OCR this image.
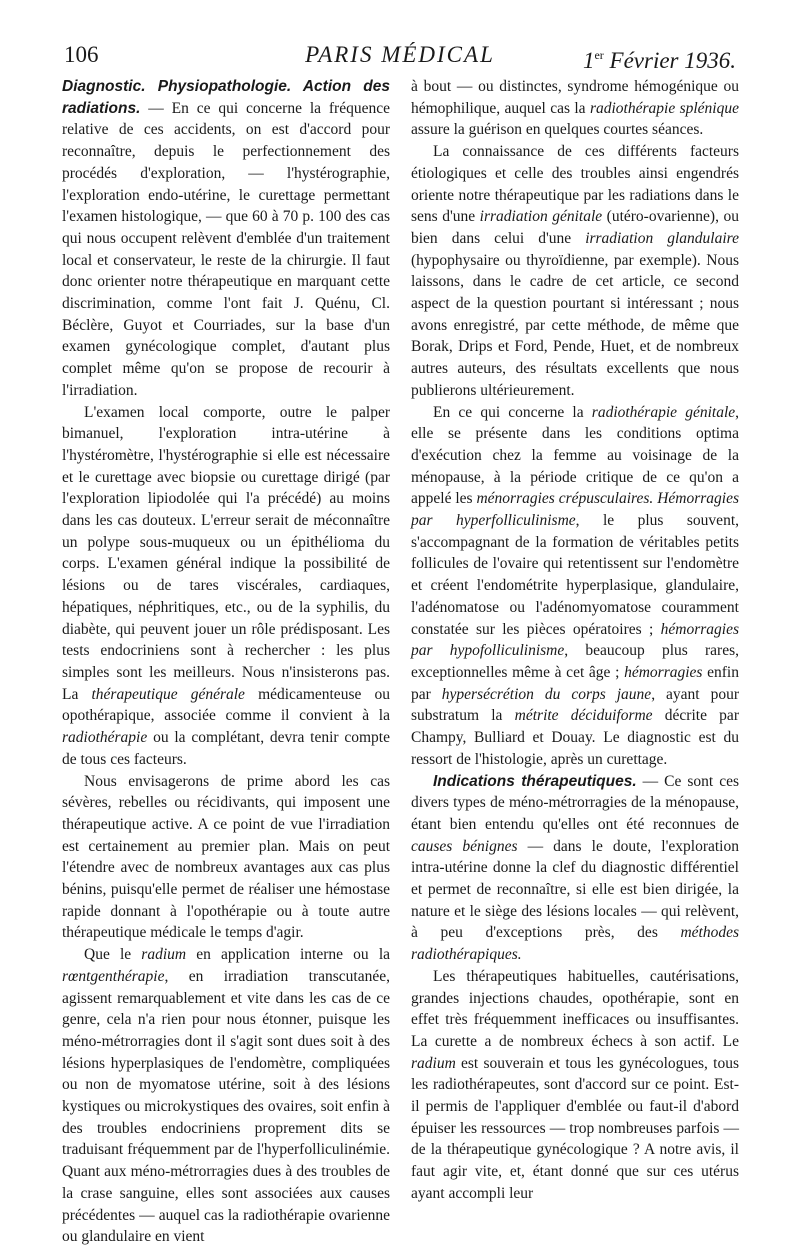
106	PARIS MÉDICAL	1er Février 1936.

Diagnostic. Physiopathologie. Action des radiations. — En ce qui concerne la fréquence relative de ces accidents, on est d'accord pour reconnaître, depuis le perfectionnement des procédés d'exploration, — l'hystérographie, l'exploration endo-utérine, le curettage permettant l'examen histologique, — que 60 à 70 p. 100 des cas qui nous occupent relèvent d'emblée d'un traitement local et conservateur, le reste de la chirurgie. Il faut donc orienter notre thérapeutique en marquant cette discrimination, comme l'ont fait J. Quénu, Cl. Béclère, Guyot et Courriades, sur la base d'un examen gynécologique complet, d'autant plus complet même qu'on se propose de recourir à l'irradiation.

L'examen local comporte, outre le palper bimanuel, l'exploration intra-utérine à l'hystéromètre, l'hystérographie si elle est nécessaire et le curettage avec biopsie ou curettage dirigé (par l'exploration lipiodolée qui l'a précédé) au moins dans les cas douteux. L'erreur serait de méconnaître un polype sous-muqueux ou un épithélioma du corps. L'examen général indique la possibilité de lésions ou de tares viscérales, cardiaques, hépatiques, néphritiques, etc., ou de la syphilis, du diabète, qui peuvent jouer un rôle prédisposant. Les tests endocriniens sont à rechercher : les plus simples sont les meilleurs. Nous n'insisterons pas. La thérapeutique générale médicamenteuse ou opothérapique, associée comme il convient à la radiothérapie ou la complétant, devra tenir compte de tous ces facteurs.

Nous envisagerons de prime abord les cas sévères, rebelles ou récidivants, qui imposent une thérapeutique active. A ce point de vue l'irradiation est certainement au premier plan. Mais on peut l'étendre avec de nombreux avantages aux cas plus bénins, puisqu'elle permet de réaliser une hémostase rapide donnant à l'opothérapie ou à toute autre thérapeutique médicale le temps d'agir.

Que le radium en application interne ou la rœntgenthérapie, en irradiation transcutanée, agissent remarquablement et vite dans les cas de ce genre, cela n'a rien pour nous étonner, puisque les méno-métrorragies dont il s'agit sont dues soit à des lésions hyperplasiques de l'endomètre, compliquées ou non de myomatose utérine, soit à des lésions kystiques ou microkystiques des ovaires, soit enfin à des troubles endocriniens proprement dits se traduisant fréquemment par de l'hyperfolliculinémie. Quant aux méno-métrorragies dues à des troubles de la crase sanguine, elles sont associées aux causes précédentes — auquel cas la radiothérapie ovarienne ou glandulaire en vient

à bout — ou distinctes, syndrome hémogénique ou hémophilique, auquel cas la radiothérapie splénique assure la guérison en quelques courtes séances.

La connaissance de ces différents facteurs étiologiques et celle des troubles ainsi engendrés oriente notre thérapeutique par les radiations dans le sens d'une irradiation génitale (utéro-ovarienne), ou bien dans celui d'une irradiation glandulaire (hypophysaire ou thyroïdienne, par exemple). Nous laissons, dans le cadre de cet article, ce second aspect de la question pourtant si intéressant ; nous avons enregistré, par cette méthode, de même que Borak, Drips et Ford, Pende, Huet, et de nombreux autres auteurs, des résultats excellents que nous publierons ultérieurement.

En ce qui concerne la radiothérapie génitale, elle se présente dans les conditions optima d'exécution chez la femme au voisinage de la ménopause, à la période critique de ce qu'on a appelé les ménorragies crépusculaires. Hémorragies par hyperfolliculinisme, le plus souvent, s'accompagnant de la formation de véritables petits follicules de l'ovaire qui retentissent sur l'endomètre et créent l'endométrite hyperplasique, glandulaire, l'adénomatose ou l'adénomyomatose couramment constatée sur les pièces opératoires ; hémorragies par hypofolliculinisme, beaucoup plus rares, exceptionnelles même à cet âge ; hémorragies enfin par hypersécrétion du corps jaune, ayant pour substratum la métrite déciduiforme décrite par Champy, Bulliard et Douay. Le diagnostic est du ressort de l'histologie, après un curettage.

Indications thérapeutiques. — Ce sont ces divers types de méno-métrorragies de la ménopause, étant bien entendu qu'elles ont été reconnues de causes bénignes — dans le doute, l'exploration intra-utérine donne la clef du diagnostic différentiel et permet de reconnaître, si elle est bien dirigée, la nature et le siège des lésions locales — qui relèvent, à peu d'exceptions près, des méthodes radiothérapiques.

Les thérapeutiques habituelles, cautérisations, grandes injections chaudes, opothérapie, sont en effet très fréquemment inefficaces ou insuffisantes. La curette a de nombreux échecs à son actif. Le radium est souverain et tous les gynécologues, tous les radiothérapeutes, sont d'accord sur ce point. Est-il permis de l'appliquer d'emblée ou faut-il d'abord épuiser les ressources — trop nombreuses parfois — de la thérapeutique gynécologique ? A notre avis, il faut agir vite, et, étant donné que sur ces utérus ayant accompli leur
